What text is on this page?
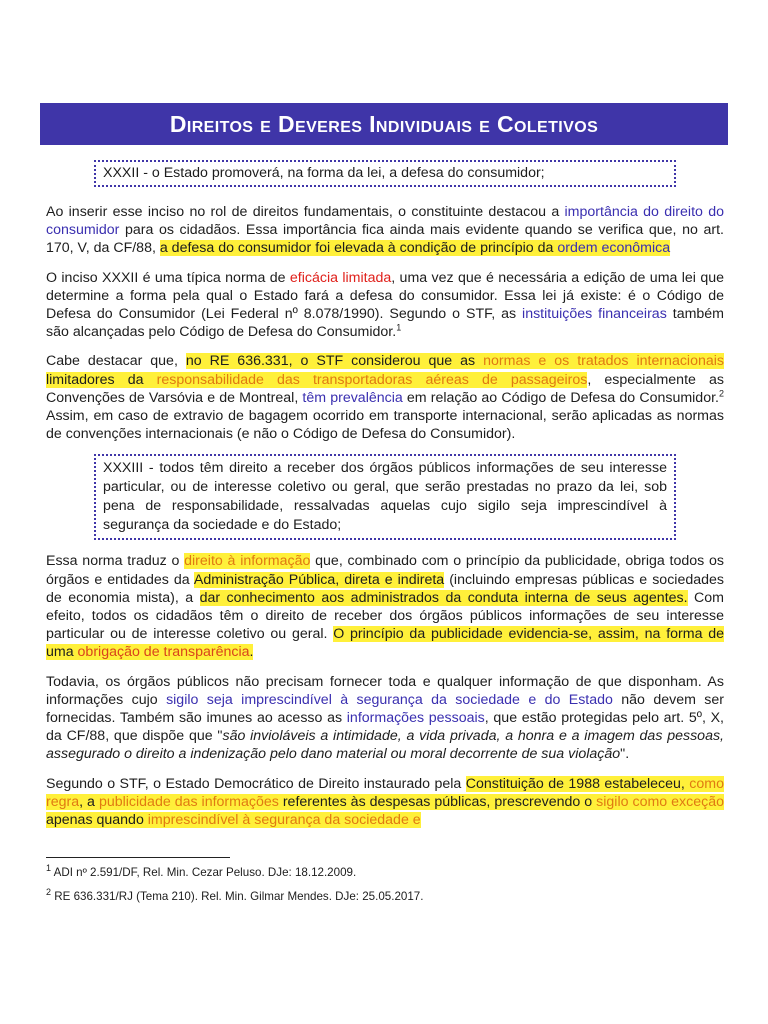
Direitos e Deveres Individuais e Coletivos
XXXII - o Estado promoverá, na forma da lei, a defesa do consumidor;

Ao inserir esse inciso no rol de direitos fundamentais, o constituinte destacou a importância do direito do consumidor para os cidadãos. Essa importância fica ainda mais evidente quando se verifica que, no art. 170, V, da CF/88, a defesa do consumidor foi elevada à condição de princípio da ordem econômica

O inciso XXXII é uma típica norma de eficácia limitada, uma vez que é necessária a edição de uma lei que determine a forma pela qual o Estado fará a defesa do consumidor. Essa lei já existe: é o Código de Defesa do Consumidor (Lei Federal nº 8.078/1990). Segundo o STF, as instituições financeiras também são alcançadas pelo Código de Defesa do Consumidor.$^1$

Cabe destacar que, no RE 636.331, o STF considerou que as normas e os tratados internacionais limitadores da responsabilidade das transportadoras aéreas de passageiros, especialmente as Convenções de Varsóvia e de Montreal, têm prevalência em relação ao Código de Defesa do Consumidor.$^2$ Assim, em caso de extravio de bagagem ocorrido em transporte internacional, serão aplicadas as normas de convenções internacionais (e não o Código de Defesa do Consumidor).

XXXIII - todos têm direito a receber dos órgãos públicos informações de seu interesse particular, ou de interesse coletivo ou geral, que serão prestadas no prazo da lei, sob pena de responsabilidade, ressalvadas aquelas cujo sigilo seja imprescindível à segurança da sociedade e do Estado;

Essa norma traduz o direito à informação que, combinado com o princípio da publicidade, obriga todos os órgãos e entidades da Administração Pública, direta e indireta (incluindo empresas públicas e sociedades de economia mista), a dar conhecimento aos administrados da conduta interna de seus agentes. Com efeito, todos os cidadãos têm o direito de receber dos órgãos públicos informações de seu interesse particular ou de interesse coletivo ou geral. O princípio da publicidade evidencia-se, assim, na forma de uma obrigação de transparência.

Todavia, os órgãos públicos não precisam fornecer toda e qualquer informação de que disponham. As informações cujo sigilo seja imprescindível à segurança da sociedade e do Estado não devem ser fornecidas. Também são imunes ao acesso as informações pessoais, que estão protegidas pelo art. 5º, X, da CF/88, que dispõe que "são invioláveis a intimidade, a vida privada, a honra e a imagem das pessoas, assegurado o direito a indenização pelo dano material ou moral decorrente de sua violação".

Segundo o STF, o Estado Democrático de Direito instaurado pela Constituição de 1988 estabeleceu, como regra, a publicidade das informações referentes às despesas públicas, prescrevendo o sigilo como exceção apenas quando imprescindível à segurança da sociedade e

$^1$ ADI nº 2.591/DF, Rel. Min. Cezar Peluso. DJe: 18.12.2009.
$^2$ RE 636.331/RJ (Tema 210). Rel. Min. Gilmar Mendes. DJe: 25.05.2017.
